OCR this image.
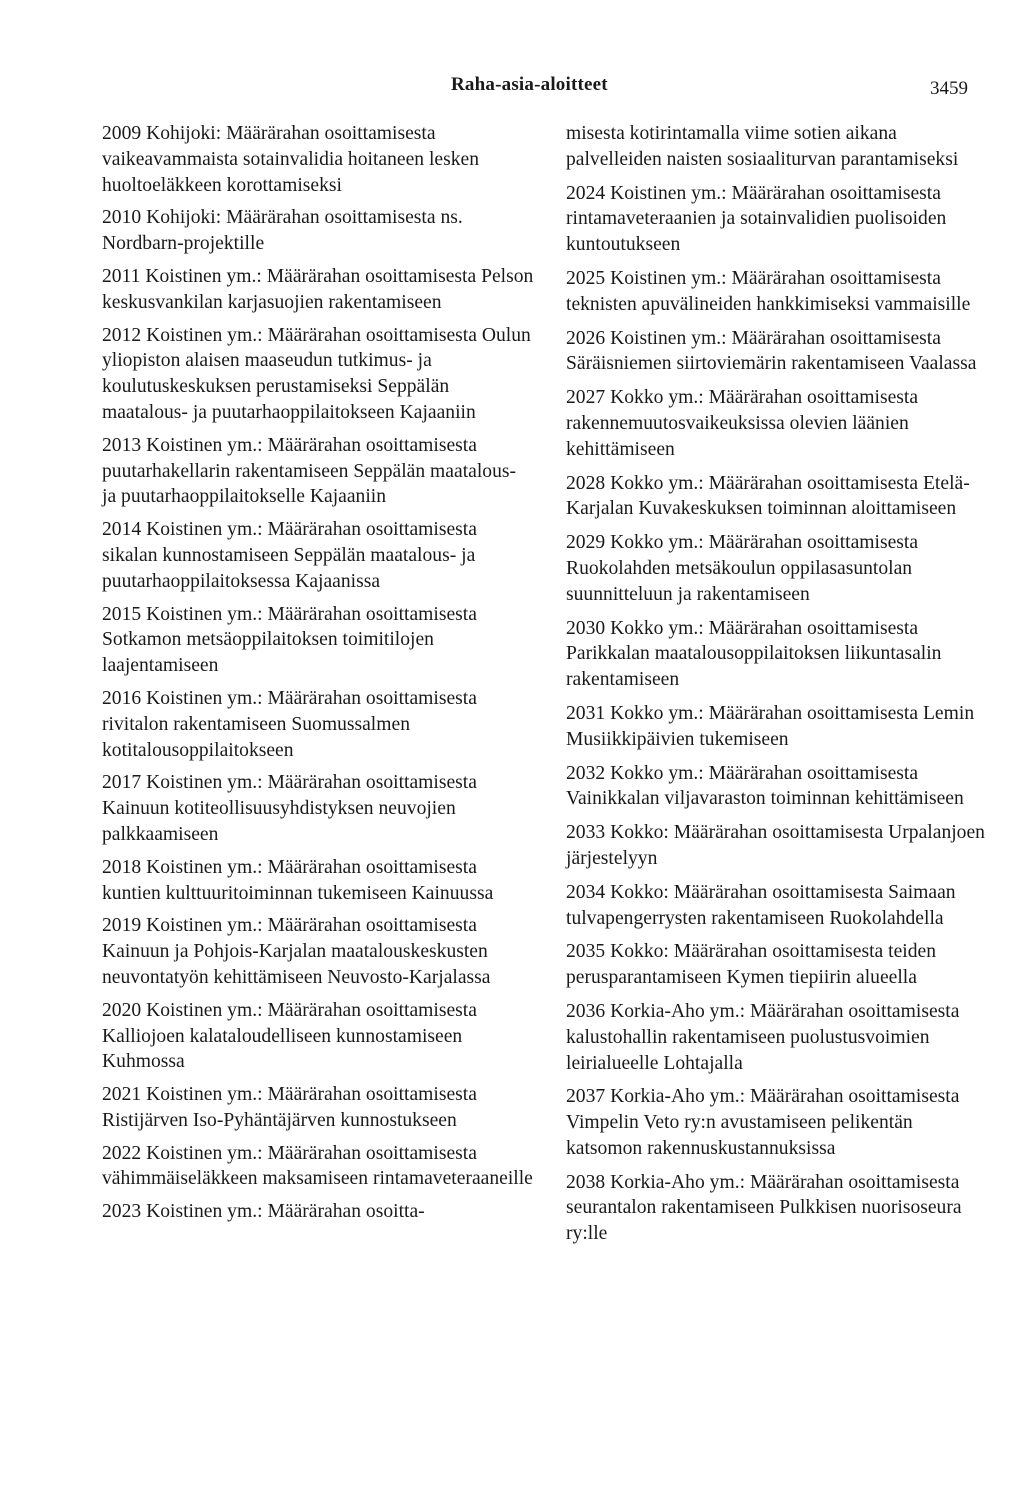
Raha-asia-aloitteet	3459

2009 Kohijoki: Määrärahan osoittamisesta vaikeavammaista sotainvalidia hoitaneen lesken huoltoeläkkeen korottamiseksi

2010 Kohijoki: Määrärahan osoittamisesta ns. Nordbarn-projektille

2011 Koistinen ym.: Määrärahan osoittamisesta Pelson keskusvankilan karjasuojien rakentamiseen

2012 Koistinen ym.: Määrärahan osoittamisesta Oulun yliopiston alaisen maaseudun tutkimus- ja koulutuskeskuksen perustamiseksi Seppälän maatalous- ja puutarhaoppilaitokseen Kajaaniin

2013 Koistinen ym.: Määrärahan osoittamisesta puutarhakellarin rakentamiseen Seppälän maatalous- ja puutarhaoppilaitokselle Kajaaniin

2014 Koistinen ym.: Määrärahan osoittamisesta sikalan kunnostamiseen Seppälän maatalous- ja puutarhaoppilaitoksessa Kajaanissa

2015 Koistinen ym.: Määrärahan osoittamisesta Sotkamon metsäoppilaitoksen toimitilojen laajentamiseen

2016 Koistinen ym.: Määrärahan osoittamisesta rivitalon rakentamiseen Suomussalmen kotitalousoppilaitokseen

2017 Koistinen ym.: Määrärahan osoittamisesta Kainuun kotiteollisuusyhdistyksen neuvojien palkkaamiseen

2018 Koistinen ym.: Määrärahan osoittamisesta kuntien kulttuuritoiminnan tukemiseen Kainuussa

2019 Koistinen ym.: Määrärahan osoittamisesta Kainuun ja Pohjois-Karjalan maatalouskeskusten neuvontatyön kehittämiseen Neuvosto-Karjalassa

2020 Koistinen ym.: Määrärahan osoittamisesta Kalliojoen kalataloudelliseen kunnostamiseen Kuhmossa

2021 Koistinen ym.: Määrärahan osoittamisesta Ristijärven Iso-Pyhäntäjärven kunnostukseen

2022 Koistinen ym.: Määrärahan osoittamisesta vähimmäiseläkkeen maksamiseen rintamaveteraaneille

2023 Koistinen ym.: Määrärahan osoitta-

misesta kotirintamalla viime sotien aikana palvelleiden naisten sosiaaliturvan parantamiseksi

2024 Koistinen ym.: Määrärahan osoittamisesta rintamaveteraanien ja sotainvalidien puolisoiden kuntoutukseen

2025 Koistinen ym.: Määrärahan osoittamisesta teknisten apuvälineiden hankkimiseksi vammaisille

2026 Koistinen ym.: Määrärahan osoittamisesta Säräisniemen siirtoviemärin rakentamiseen Vaalassa

2027 Kokko ym.: Määrärahan osoittamisesta rakennemuutosvaikeuksissa olevien läänien kehittämiseen

2028 Kokko ym.: Määrärahan osoittamisesta Etelä-Karjalan Kuvakeskuksen toiminnan aloittamiseen

2029 Kokko ym.: Määrärahan osoittamisesta Ruokolahden metsäkoulun oppilasasuntolan suunnitteluun ja rakentamiseen

2030 Kokko ym.: Määrärahan osoittamisesta Parikkalan maatalousoppilaitoksen liikuntasalin rakentamiseen

2031 Kokko ym.: Määrärahan osoittamisesta Lemin Musiikkipäivien tukemiseen

2032 Kokko ym.: Määrärahan osoittamisesta Vainikkalan viljavaraston toiminnan kehittämiseen

2033 Kokko: Määrärahan osoittamisesta Urpalanjoen järjestelyyn

2034 Kokko: Määrärahan osoittamisesta Saimaan tulvapengerrysten rakentamiseen Ruokolahdella

2035 Kokko: Määrärahan osoittamisesta teiden perusparantamiseen Kymen tiepiirin alueella

2036 Korkia-Aho ym.: Määrärahan osoittamisesta kalustohallin rakentamiseen puolustusvoimien leirialueelle Lohtajalla

2037 Korkia-Aho ym.: Määrärahan osoittamisesta Vimpelin Veto ry:n avustamiseen pelikentän katsomon rakennuskustannuksissa

2038 Korkia-Aho ym.: Määrärahan osoittamisesta seurantalon rakentamiseen Pulkkisen nuorisoseura ry:lle
